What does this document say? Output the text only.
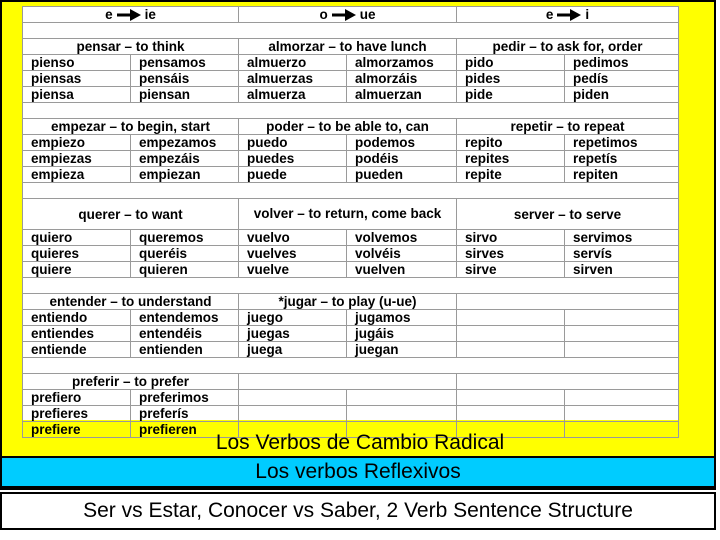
e ie		o ue		e i	

pensar – to think		almorzar – to have lunch		pedir – to ask for, order	
pienso	pensamos	almuerzo	almorzamos	pido	pedimos
piensas	pensáis	almuerzas	almorzáis	pides	pedís
piensa	piensan	almuerza	almuerzan	pide	piden

empezar – to begin, start		poder – to be able to, can		repetir – to repeat	
empiezo	empezamos	puedo	podemos	repito	repetimos
empiezas	empezáis	puedes	podéis	repites	repetís
empieza	empiezan	puede	pueden	repite	repiten

querer – to want		volver – to return, come back		server – to serve	
quiero	queremos	vuelvo	volvemos	sirvo	servimos
quieres	queréis	vuelves	volvéis	sirves	servís
quiere	quieren	vuelve	vuelven	sirve	sirven

entender – to understand		*jugar – to play (u-ue)			
entiendo	entendemos	juego	jugamos		
entiendes	entendéis	juegas	jugáis		
entiende	entienden	juega	juegan		

preferir – to prefer					
prefiero	preferimos				
prefieres	preferís				
prefiere	prefieren				
Los Verbos de Cambio Radical
Los verbos Reflexivos
Ser vs Estar, Conocer vs Saber, 2 Verb Sentence Structure
